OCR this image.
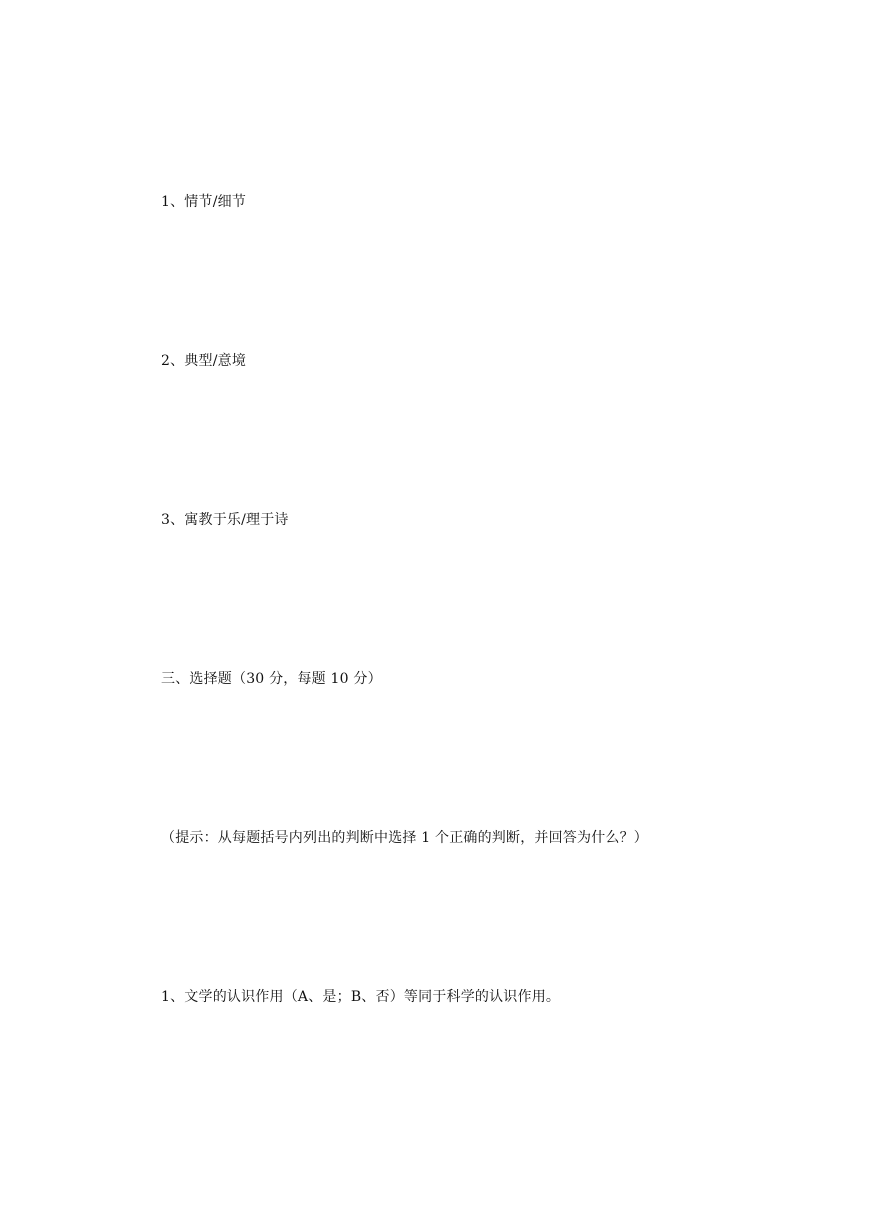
1、情节/细节
2、典型/意境
3、寓教于乐/理于诗
三、选择题（30 分，每题 10 分）
（提示：从每题括号内列出的判断中选择 1 个正确的判断，并回答为什么？）
1、文学的认识作用（A、是；B、否）等同于科学的认识作用。
